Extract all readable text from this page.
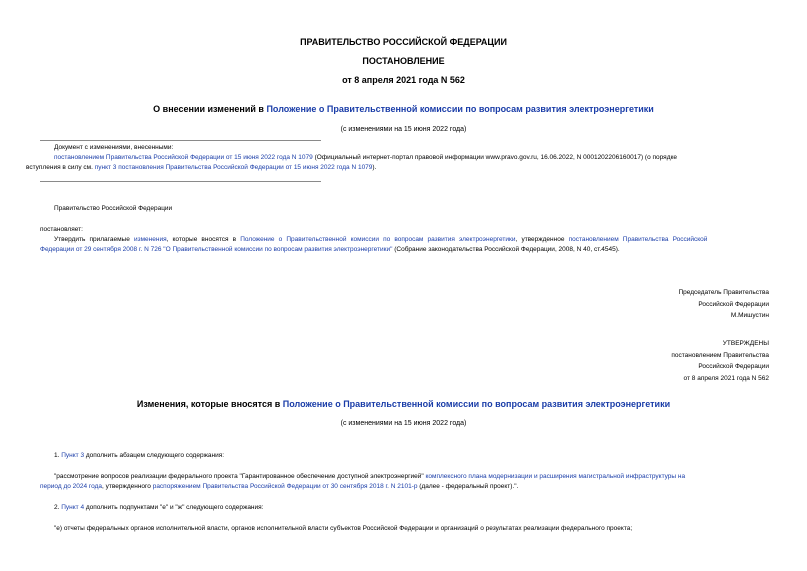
ПРАВИТЕЛЬСТВО РОССИЙСКОЙ ФЕДЕРАЦИИ
ПОСТАНОВЛЕНИЕ
от 8 апреля 2021 года N 562
О внесении изменений в Положение о Правительственной комиссии по вопросам развития электроэнергетики
(с изменениями на 15 июня 2022 года)
Документ с изменениями, внесенными:
постановлением Правительства Российской Федерации от 15 июня 2022 года N 1079 (Официальный интернет-портал правовой информации www.pravo.gov.ru, 16.06.2022, N 0001202206160017) (о порядке
вступления в силу см. пункт 3 постановления Правительства Российской Федерации от 15 июня 2022 года N 1079).
Правительство Российской Федерации
постановляет:
Утвердить прилагаемые изменения, которые вносятся в Положение о Правительственной комиссии по вопросам развития электроэнергетики, утвержденное постановлением Правительства Российской
Федерации от 29 сентября 2008 г. N 726 "О Правительственной комиссии по вопросам развития электроэнергетики" (Собрание законодательства Российской Федерации, 2008, N 40, ст.4545).
Председатель Правительства
Российской Федерации
М.Мишустин
УТВЕРЖДЕНЫ
постановлением Правительства
Российской Федерации
от 8 апреля 2021 года N 562
Изменения, которые вносятся в Положение о Правительственной комиссии по вопросам развития электроэнергетики
(с изменениями на 15 июня 2022 года)
1. Пункт 3 дополнить абзацем следующего содержания:
"рассмотрение вопросов реализации федерального проекта "Гарантированное обеспечение доступной электроэнергией" комплексного плана модернизации и расширения магистральной инфраструктуры на
период до 2024 года, утвержденного распоряжением Правительства Российской Федерации от 30 сентября 2018 г. N 2101-р (далее - федеральный проект).".
2. Пункт 4 дополнить подпунктами "е" и "ж" следующего содержания:
"е) отчеты федеральных органов исполнительной власти, органов исполнительной власти субъектов Российской Федерации и организаций о результатах реализации федерального проекта;
